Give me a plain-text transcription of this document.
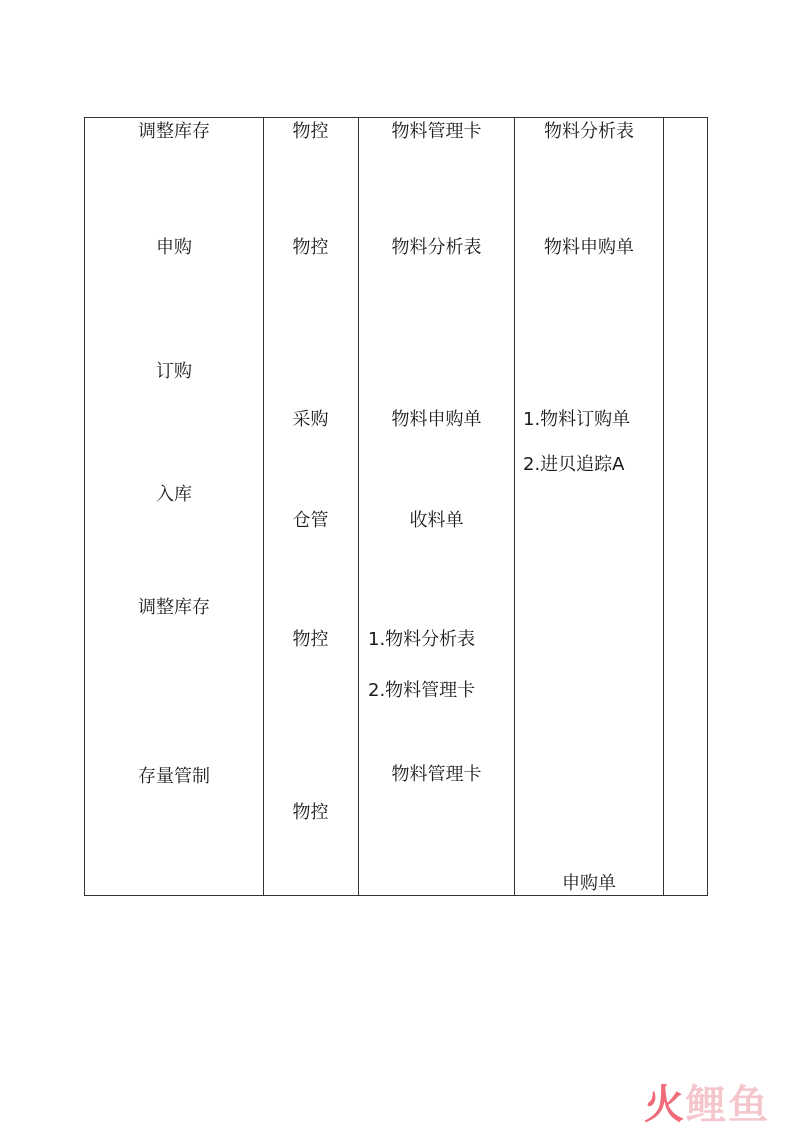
调整库存
申购
订购
入库
调整库存
存量管制
物控
物控
采购
仓管
物控
物控
物料管理卡
物料分析表
物料申购单
收料单
1.物料分析表
2.物料管理卡
物料管理卡
物料分析表
物料申购单
1.物料订购单
2.进贝追踪A
申购单
火鲤鱼
